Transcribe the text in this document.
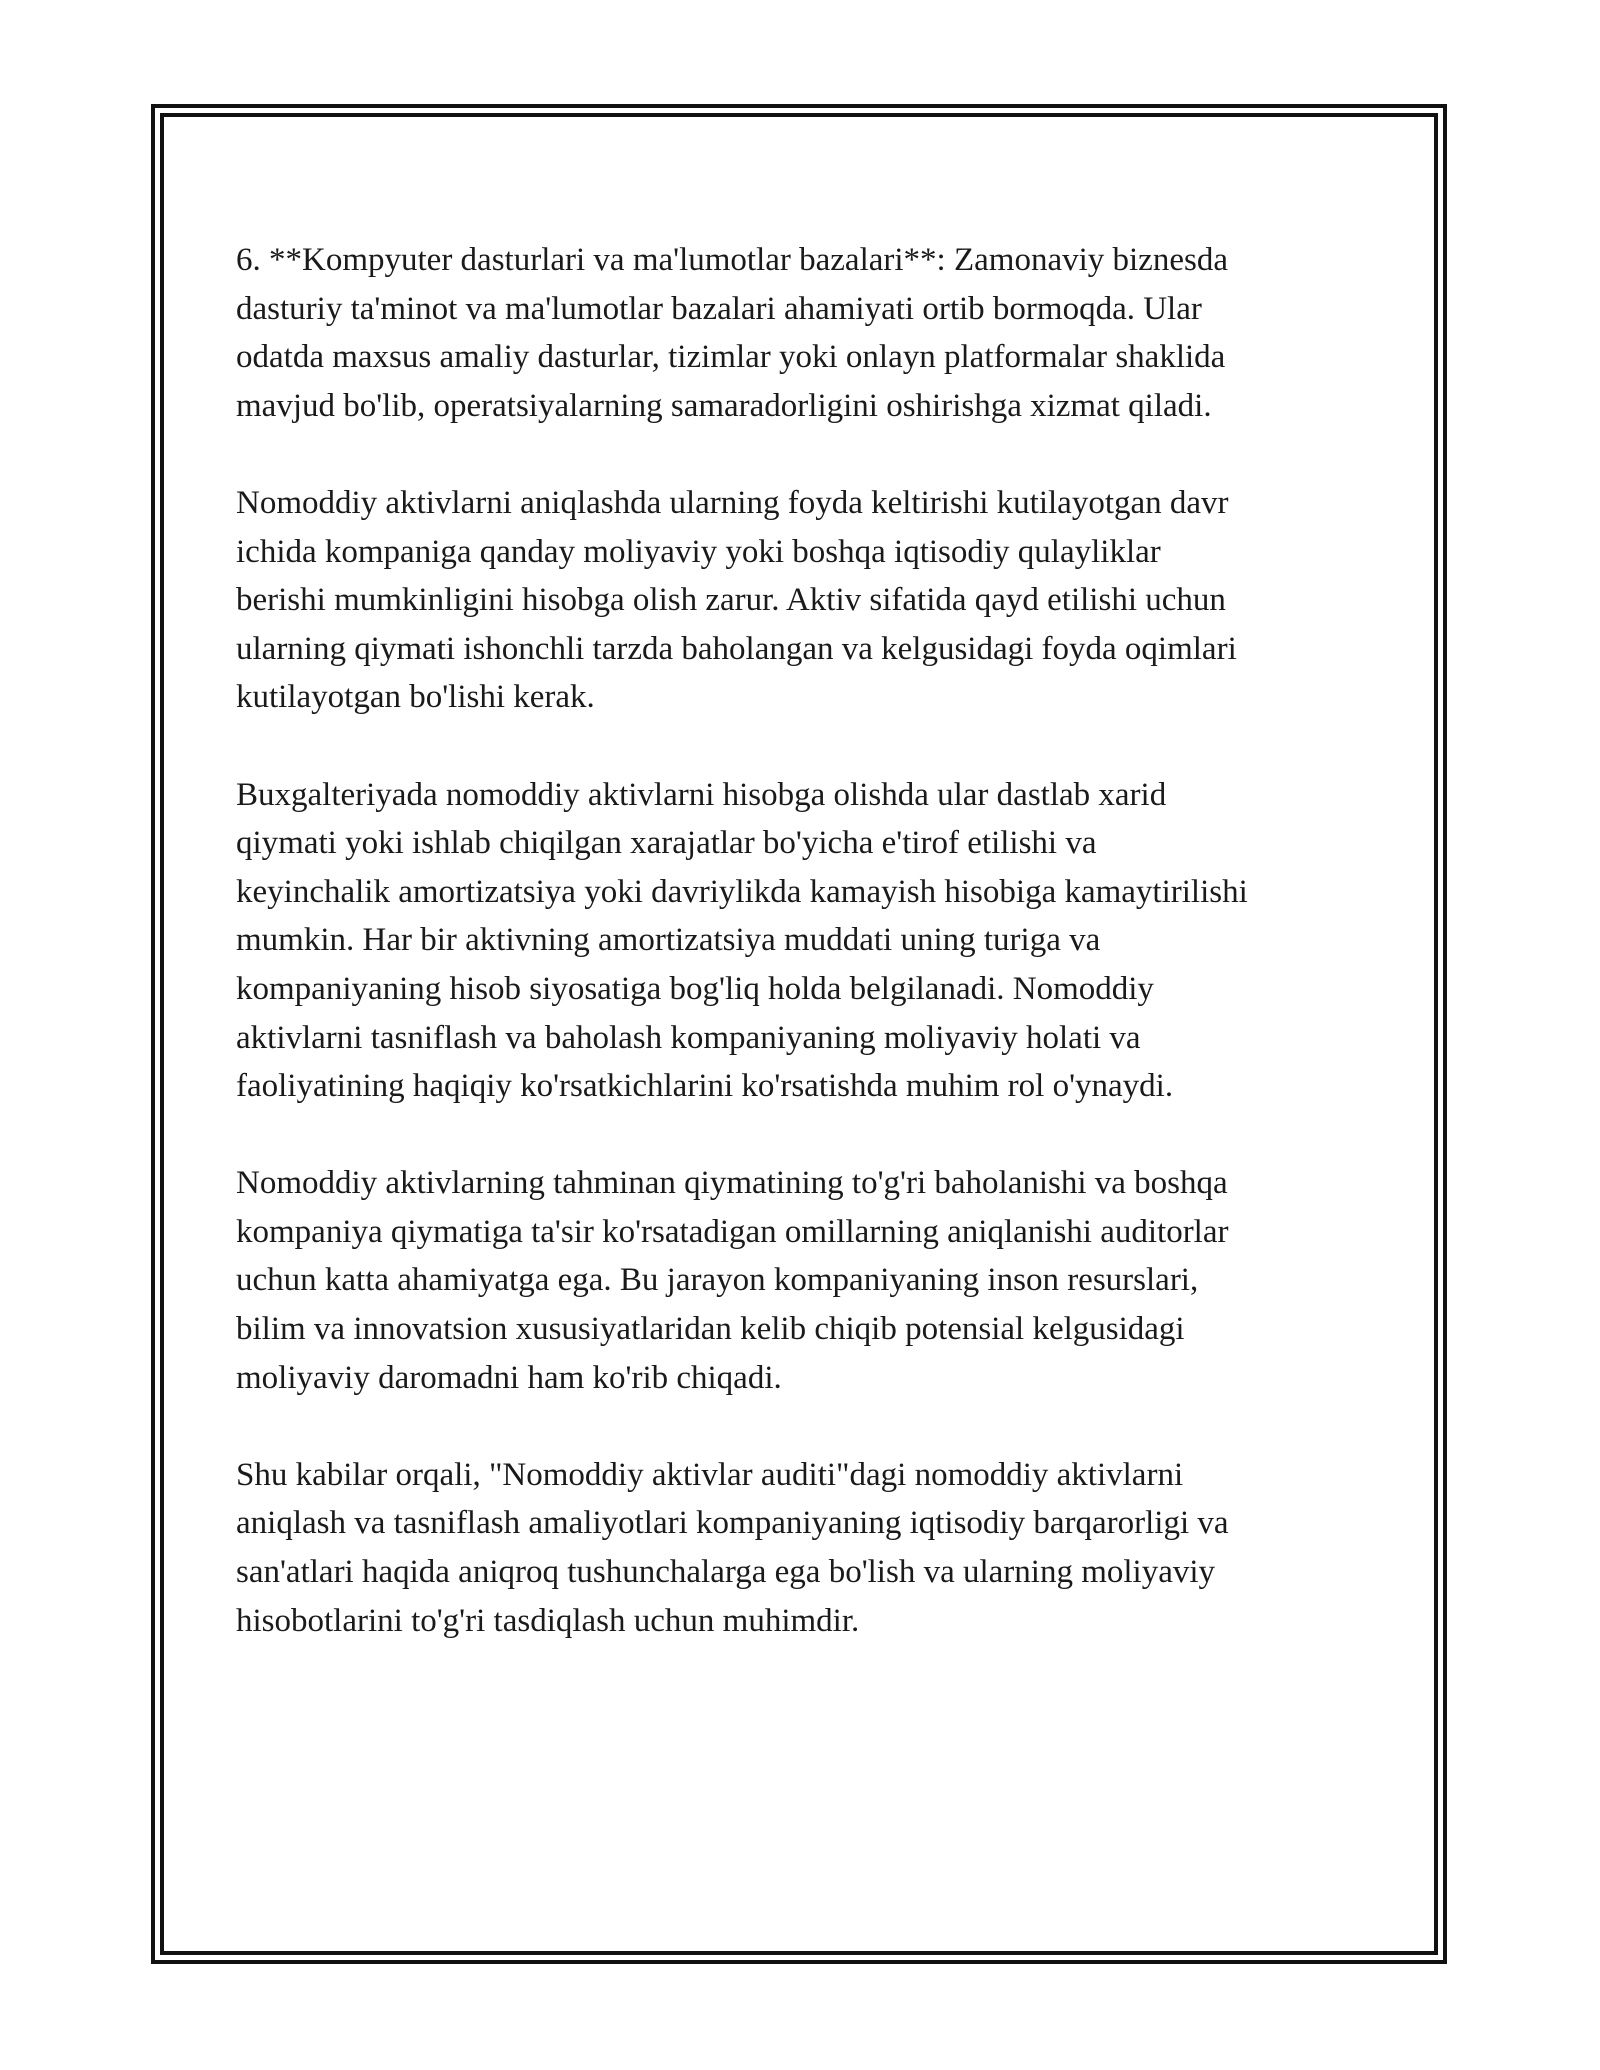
6. **Kompyuter dasturlari va ma'lumotlar bazalari**: Zamonaviy biznesda
dasturiy ta'minot va ma'lumotlar bazalari ahamiyati ortib bormoqda. Ular
odatda maxsus amaliy dasturlar, tizimlar yoki onlayn platformalar shaklida
mavjud bo'lib, operatsiyalarning samaradorligini oshirishga xizmat qiladi.

Nomoddiy aktivlarni aniqlashda ularning foyda keltirishi kutilayotgan davr
ichida kompaniga qanday moliyaviy yoki boshqa iqtisodiy qulayliklar
berishi mumkinligini hisobga olish zarur. Aktiv sifatida qayd etilishi uchun
ularning qiymati ishonchli tarzda baholangan va kelgusidagi foyda oqimlari
kutilayotgan bo'lishi kerak.

Buxgalteriyada nomoddiy aktivlarni hisobga olishda ular dastlab xarid
qiymati yoki ishlab chiqilgan xarajatlar bo'yicha e'tirof etilishi va
keyinchalik amortizatsiya yoki davriylikda kamayish hisobiga kamaytirilishi
mumkin. Har bir aktivning amortizatsiya muddati uning turiga va
kompaniyaning hisob siyosatiga bog'liq holda belgilanadi. Nomoddiy
aktivlarni tasniflash va baholash kompaniyaning moliyaviy holati va
faoliyatining haqiqiy ko'rsatkichlarini ko'rsatishda muhim rol o'ynaydi.

Nomoddiy aktivlarning tahminan qiymatining to'g'ri baholanishi va boshqa
kompaniya qiymatiga ta'sir ko'rsatadigan omillarning aniqlanishi auditorlar
uchun katta ahamiyatga ega. Bu jarayon kompaniyaning inson resurslari,
bilim va innovatsion xususiyatlaridan kelib chiqib potensial kelgusidagi
moliyaviy daromadni ham ko'rib chiqadi.

Shu kabilar orqali, "Nomoddiy aktivlar auditi"dagi nomoddiy aktivlarni
aniqlash va tasniflash amaliyotlari kompaniyaning iqtisodiy barqarorligi va
san'atlari haqida aniqroq tushunchalarga ega bo'lish va ularning moliyaviy
hisobotlarini to'g'ri tasdiqlash uchun muhimdir.
